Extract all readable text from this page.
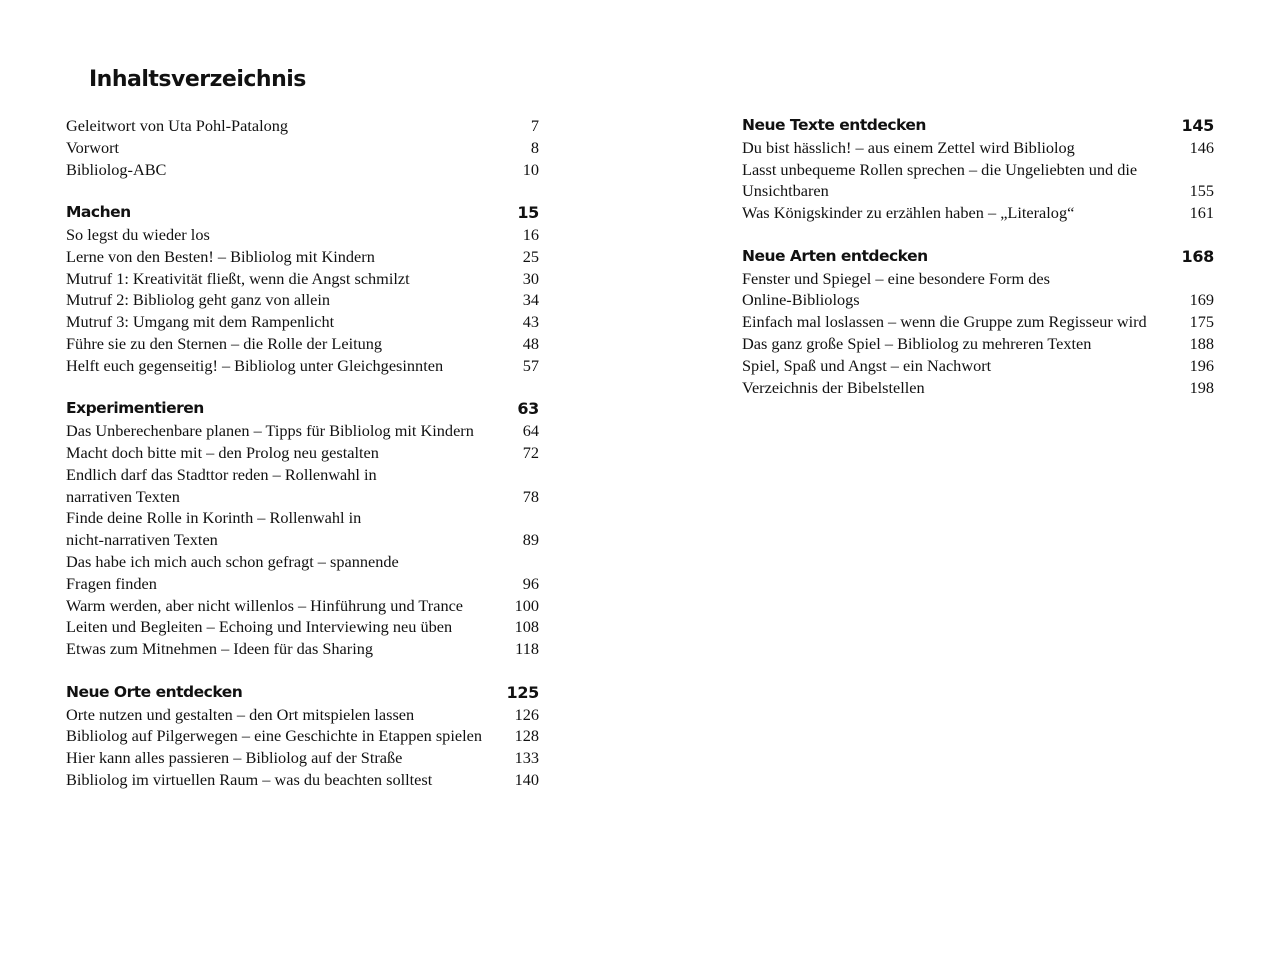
Inhaltsverzeichnis
Geleitwort von Uta Pohl-Patalong	7
Vorwort	8
Bibliolog-ABC	10
Machen	15
So legst du wieder los	16
Lerne von den Besten! – Bibliolog mit Kindern	25
Mutruf 1: Kreativität fließt, wenn die Angst schmilzt	30
Mutruf 2: Bibliolog geht ganz von allein	34
Mutruf 3: Umgang mit dem Rampenlicht	43
Führe sie zu den Sternen – die Rolle der Leitung	48
Helft euch gegenseitig! – Bibliolog unter Gleichgesinnten	57
Experimentieren	63
Das Unberechenbare planen – Tipps für Bibliolog mit Kindern	64
Macht doch bitte mit – den Prolog neu gestalten	72
Endlich darf das Stadttor reden – Rollenwahl in
narrativen Texten	78
Finde deine Rolle in Korinth – Rollenwahl in
nicht-narrativen Texten	89
Das habe ich mich auch schon gefragt – spannende
Fragen finden	96
Warm werden, aber nicht willenlos – Hinführung und Trance	100
Leiten und Begleiten – Echoing und Interviewing neu üben	108
Etwas zum Mitnehmen – Ideen für das Sharing	118
Neue Orte entdecken	125
Orte nutzen und gestalten – den Ort mitspielen lassen	126
Bibliolog auf Pilgerwegen – eine Geschichte in Etappen spielen	128
Hier kann alles passieren – Bibliolog auf der Straße	133
Bibliolog im virtuellen Raum – was du beachten solltest	140
Neue Texte entdecken	145
Du bist hässlich! – aus einem Zettel wird Bibliolog	146
Lasst unbequeme Rollen sprechen – die Ungeliebten und die
Unsichtbaren	155
Was Königskinder zu erzählen haben – „Literalog“	161
Neue Arten entdecken	168
Fenster und Spiegel – eine besondere Form des
Online-Bibliologs	169
Einfach mal loslassen – wenn die Gruppe zum Regisseur wird	175
Das ganz große Spiel – Bibliolog zu mehreren Texten	188
Spiel, Spaß und Angst – ein Nachwort	196
Verzeichnis der Bibelstellen	198
